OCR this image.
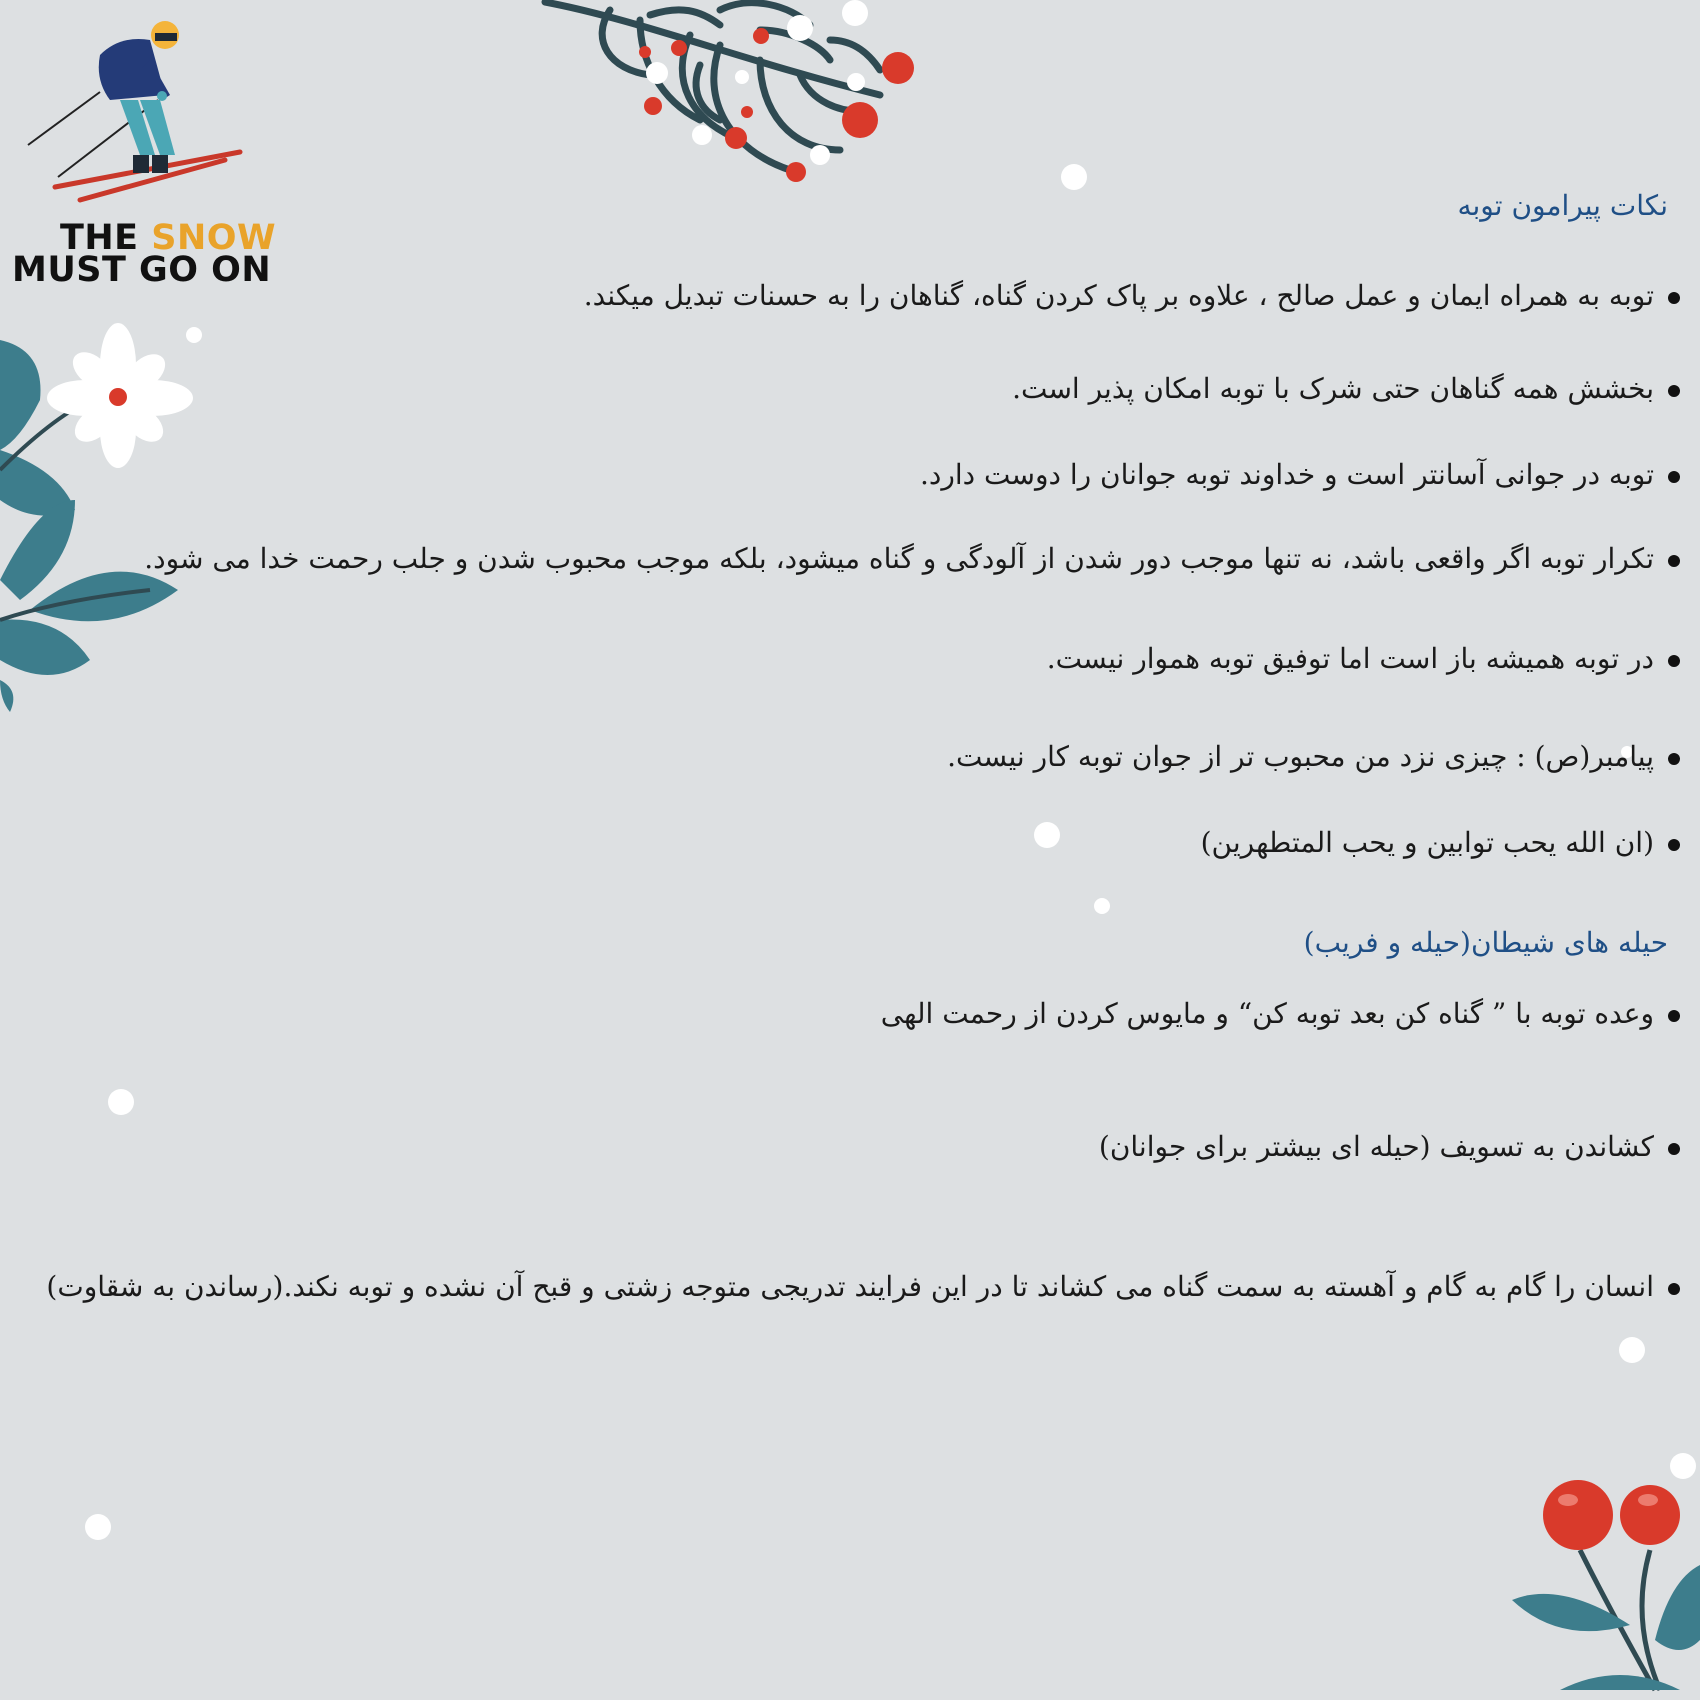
THE SNOW
MUST GO ON
نکات پیرامون توبه
توبه به همراه ایمان و عمل صالح ، علاوه بر پاک کردن گناه، گناهان را به حسنات تبدیل میکند.
بخشش همه گناهان حتی شرک با توبه امکان پذیر است.
توبه در جوانی آسانتر است و خداوند توبه جوانان را دوست دارد.
تکرار توبه اگر واقعی باشد، نه تنها موجب دور شدن از آلودگی و گناه میشود، بلکه موجب محبوب شدن و جلب رحمت خدا می شود.
در توبه همیشه باز است اما توفیق توبه هموار نیست.
پیامبر(ص) : چیزی نزد من محبوب تر از جوان توبه کار نیست.
(ان الله یحب توابین و یحب المتطهرین)
حیله های شیطان(حیله و فریب)
وعده توبه با ” گناه کن بعد توبه کن“ و مایوس کردن از رحمت الهی
کشاندن به تسویف (حیله ای بیشتر برای جوانان)
انسان را گام به گام و آهسته به سمت گناه می کشاند تا در این فرایند تدریجی متوجه زشتی و قبح آن نشده و توبه نکند.(رساندن به شقاوت)
